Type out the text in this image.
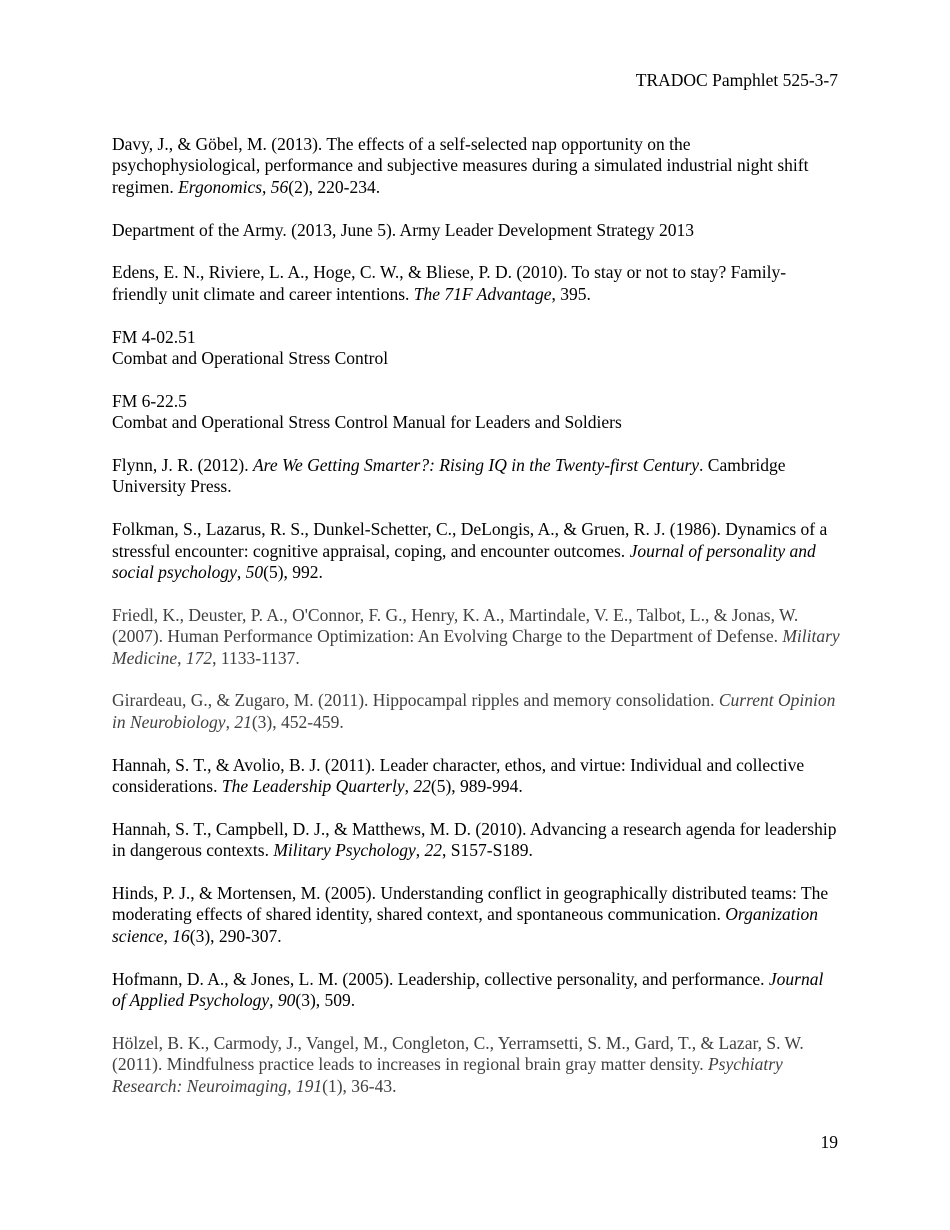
TRADOC Pamphlet 525-3-7

Davy, J., & Göbel, M. (2013). The effects of a self-selected nap opportunity on the psychophysiological, performance and subjective measures during a simulated industrial night shift regimen. Ergonomics, 56(2), 220-234.

Department of the Army. (2013, June 5). Army Leader Development Strategy 2013

Edens, E. N., Riviere, L. A., Hoge, C. W., & Bliese, P. D. (2010). To stay or not to stay? Family-friendly unit climate and career intentions. The 71F Advantage, 395.

FM 4-02.51
Combat and Operational Stress Control

FM 6-22.5
Combat and Operational Stress Control Manual for Leaders and Soldiers

Flynn, J. R. (2012). Are We Getting Smarter?: Rising IQ in the Twenty-first Century. Cambridge University Press.

Folkman, S., Lazarus, R. S., Dunkel-Schetter, C., DeLongis, A., & Gruen, R. J. (1986). Dynamics of a stressful encounter: cognitive appraisal, coping, and encounter outcomes. Journal of personality and social psychology, 50(5), 992.

Friedl, K., Deuster, P. A., O'Connor, F. G., Henry, K. A., Martindale, V. E., Talbot, L., & Jonas, W. (2007). Human Performance Optimization: An Evolving Charge to the Department of Defense. Military Medicine, 172, 1133-1137.

Girardeau, G., & Zugaro, M. (2011). Hippocampal ripples and memory consolidation. Current Opinion in Neurobiology, 21(3), 452-459.

Hannah, S. T., & Avolio, B. J. (2011). Leader character, ethos, and virtue: Individual and collective considerations. The Leadership Quarterly, 22(5), 989-994.

Hannah, S. T., Campbell, D. J., & Matthews, M. D. (2010). Advancing a research agenda for leadership in dangerous contexts. Military Psychology, 22, S157-S189.

Hinds, P. J., & Mortensen, M. (2005). Understanding conflict in geographically distributed teams: The moderating effects of shared identity, shared context, and spontaneous communication. Organization science, 16(3), 290-307.

Hofmann, D. A., & Jones, L. M. (2005). Leadership, collective personality, and performance. Journal of Applied Psychology, 90(3), 509.

Hölzel, B. K., Carmody, J., Vangel, M., Congleton, C., Yerramsetti, S. M., Gard, T., & Lazar, S. W. (2011). Mindfulness practice leads to increases in regional brain gray matter density. Psychiatry Research: Neuroimaging, 191(1), 36-43.

19
